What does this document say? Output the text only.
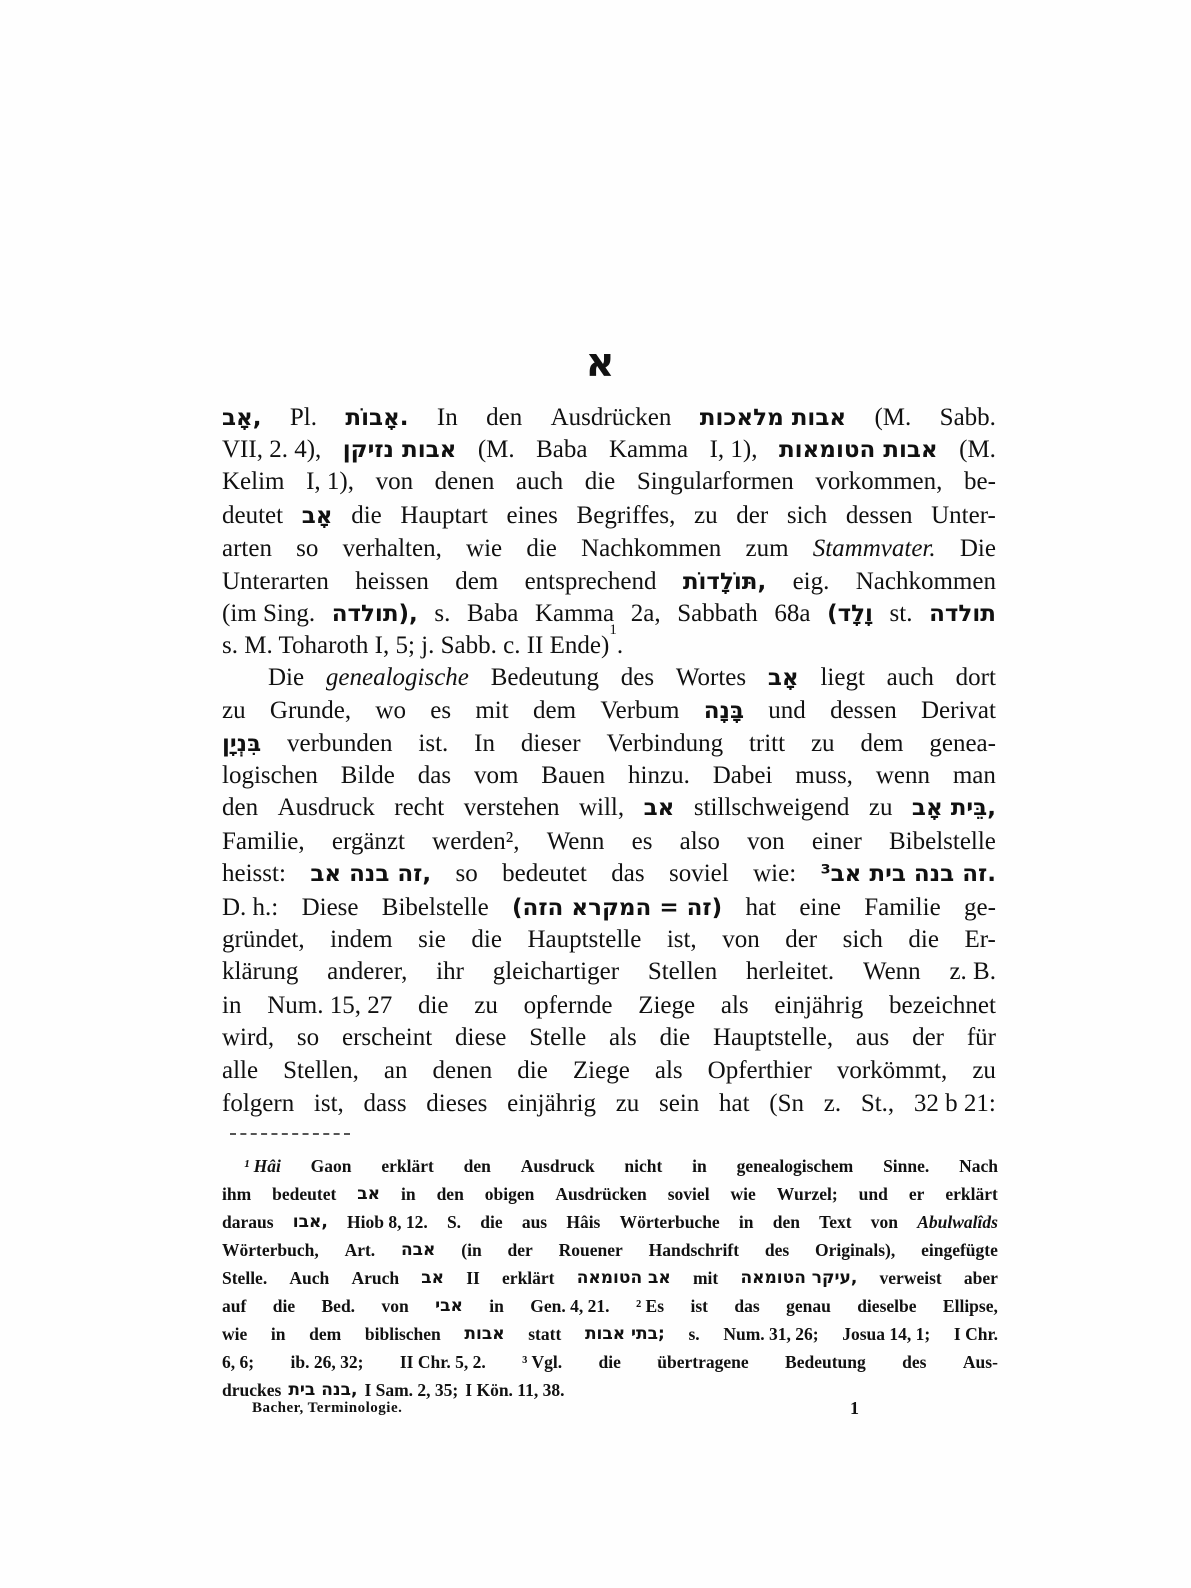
א
אָב, Pl. אָבוֹת. In den Ausdrücken אבות מלאכות (M. Sabb.
VII, 2. 4), אבות נזיקן (M. Baba Kamma I, 1), אבות הטומאות (M.
Kelim I, 1), von denen auch die Singularformen vorkommen, be-
deutet אָב die Hauptart eines Begriffes, zu der sich dessen Unter-
arten so verhalten, wie die Nachkommen zum Stammvater. Die
Unterarten heissen dem entsprechend תּוֹלָדוֹת, eig. Nachkommen
(im Sing. תולדה), s. Baba Kamma 2a, Sabbath 68a (וָלָד st. תולדה
s. M. Toharoth I, 5; j. Sabb. c. II Ende)
1
.
Die genealogische Bedeutung des Wortes אָב liegt auch dort
zu Grunde, wo es mit dem Verbum בָּנָה und dessen Derivat
בִּנְיָן verbunden ist. In dieser Verbindung tritt zu dem genea-
logischen Bilde das vom Bauen hinzu. Dabei muss, wenn man
den Ausdruck recht verstehen will, אב stillschweigend zu בֵּית אָב,
Familie, ergänzt werden², Wenn es also von einer Bibelstelle
heisst: זה בנה אב, so bedeutet das soviel wie: זה בנה בית אב³.
D. h.: Diese Bibelstelle (זה = המקרא הזה) hat eine Familie ge-
gründet, indem sie die Hauptstelle ist, von der sich die Er-
klärung anderer, ihr gleichartiger Stellen herleitet. Wenn z. B.
in Num. 15, 27 die zu opfernde Ziege als einjährig bezeichnet
wird, so erscheint diese Stelle als die Hauptstelle, aus der für
alle Stellen, an denen die Ziege als Opferthier vorkömmt, zu
folgern ist, dass dieses einjährig zu sein hat (Sn z. St., 32 b 21:
¹ Hâi Gaon erklärt den Ausdruck nicht in genealogischem Sinne. Nach
ihm bedeutet אב in den obigen Ausdrücken soviel wie Wurzel; und er erklärt
daraus אבו, Hiob 8, 12. S. die aus Hâis Wörterbuche in den Text von Abulwalîds
Wörterbuch, Art. אבה (in der Rouener Handschrift des Originals), eingefügte
Stelle. Auch Aruch אב II erklärt אב הטומאה mit עיקר הטומאה, verweist aber
auf die Bed. von אבי in Gen. 4, 21. ² Es ist das genau dieselbe Ellipse,
wie in dem biblischen אבות statt בתי אבות; s. Num. 31, 26; Josua 14, 1; I Chr.
6, 6; ib. 26, 32; II Chr. 5, 2. ³ Vgl. die übertragene Bedeutung des Aus-
druckes בנה בית, I Sam. 2, 35; I Kön. 11, 38.
Bacher, Terminologie.	1
